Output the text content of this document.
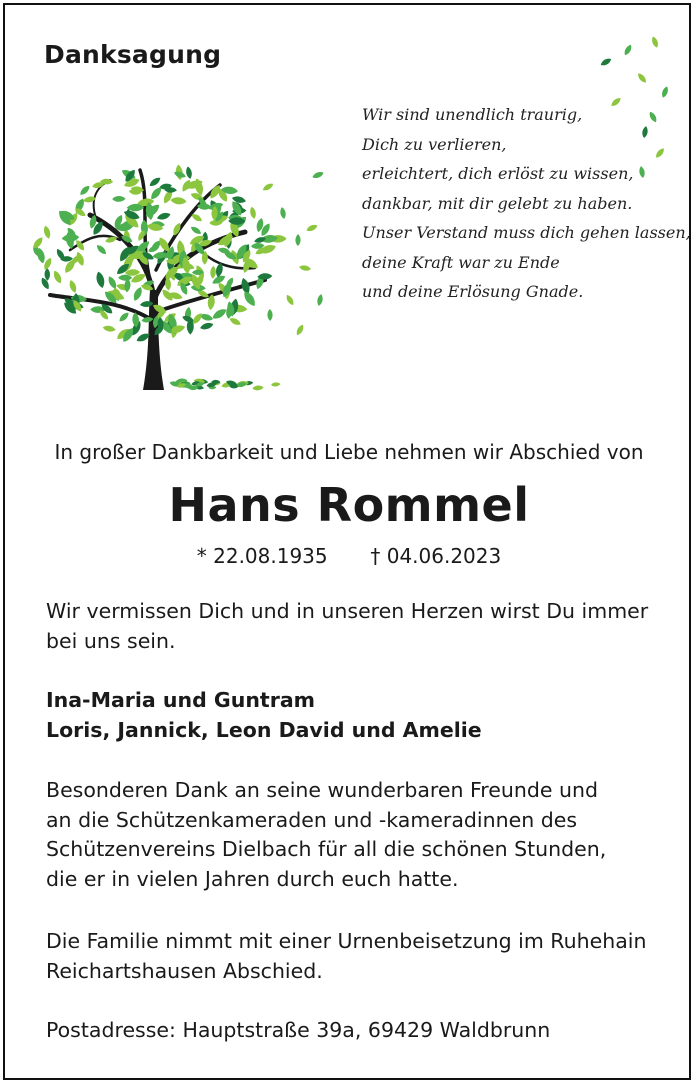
Danksagung
Wir sind unendlich traurig,
Dich zu verlieren,
erleichtert, dich erlöst zu wissen,
dankbar, mit dir gelebt zu haben.
Unser Verstand muss dich gehen lassen,
deine Kraft war zu Ende
und deine Erlösung Gnade.
In großer Dankbarkeit und Liebe nehmen wir Abschied von
Hans Rommel
* 22.08.1935 † 04.06.2023
Wir vermissen Dich und in unseren Herzen wirst Du immer
bei uns sein.
Ina-Maria und Guntram
Loris, Jannick, Leon David und Amelie
Besonderen Dank an seine wunderbaren Freunde und
an die Schützenkameraden und -kameradinnen des
Schützenvereins Dielbach für all die schönen Stunden,
die er in vielen Jahren durch euch hatte.
Die Familie nimmt mit einer Urnenbeisetzung im Ruhehain
Reichartshausen Abschied.
Postadresse: Hauptstraße 39a, 69429 Waldbrunn
